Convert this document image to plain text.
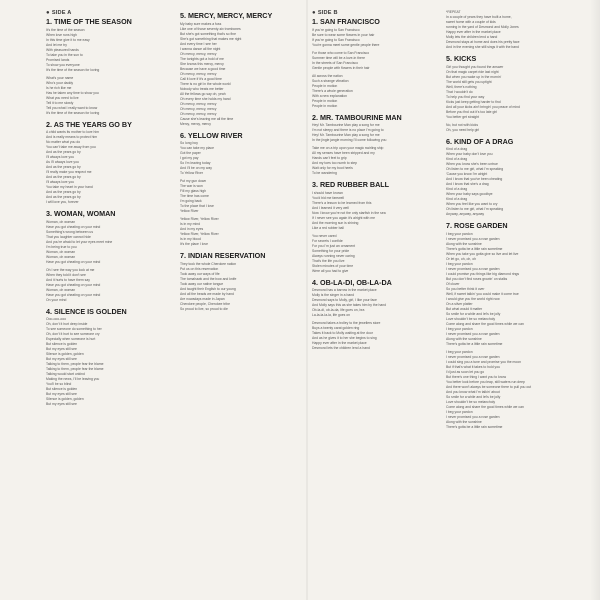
● SIDE A
1. TIME OF THE SEASON
It's the time of the season
When love runs high
In this time give it to me easy
And let me try
With pleasured hands
To take you in the sun to
Promised lands
To show you everyone
It's the time of the season for loving
What's your name
Who's your daddy
Is he rich like me
Has he taken any time to show you
What you need to live
Tell it to me slowly
Tell you what I really want to know
It's the time of the season for loving
2. AS THE YEARS GO BY
A child wants its mother to love him
And is really means to protect him
No matter what you do
You can't take me away from you
And as the years go by
I'll always love you
As I'll always love you
And as the years go by
I'll really make you respect me
And as the years go by
I'll always love you
You take my heart in your hand
And as the years go by
And as the years go by
I will love you, forever
3. WOMAN, WOMAN
Woman, oh woman
Have you got cheating on your mind
Something's wrong between us
That you laughter cannot hide
And you're afraid to let your eyes meet mine
I'm being true to you
Woman, oh woman
Woman, oh woman
Have you got cheating on your mind
Oh I see the way you look at me
When they told it don't see
And it hurts to have them say
Have you got cheating on your mind
Woman, oh woman
Have you got cheating on your mind
On your mind
4. SILENCE IS GOLDEN
Ooo-ooo-ooo
Oh, don't it hurt deep inside
To see someone do something to her
Oh, don't it hurt to see someone cry
Especially when someone is hurt
But silence is golden
But my eyes still see
Silence is golden, golden
But my eyes still see
Talking to them, people fear the blame
Talking to them, people fear the blame
Talking would start unkind
Making the news, I'll be leaving you
You'll be so blind
But silence is golden
But my eyes still see
Silence is golden, golden
But my eyes still see
5. MERCY, MERCY, MERCY
My baby sure makes a fuss
Like one of those seventy-six trombones
But she's got something that's so fine
She's got something that makes me right
And every time I see her
I wanna dance all the night
Oh mercy, mercy, mercy
The tonights got a hold of me
She knows this mercy, mercy
Because we have a good time
Oh mercy, mercy, mercy
Call it love if it's a good time
There is no girl in the whole world
Nobody who treats me better
All the fellows go say oh, yeah
Oh every time she holds my hand
Oh mercy, mercy, mercy
Oh mercy, mercy, mercy
Oh mercy, mercy, mercy
Cause she's leaving me all the time
Mercy, mercy, mercy
6. YELLOW RIVER
So long boy
You can take my place
Got the paper
I got my pay
So I'm leaving today
And I'll be on my way
To Yellow River
Put my gun down
The war is won
Fill my glass high
The time has come
I'm going back
To the place that I love
Yellow River
Yellow River, Yellow River
Is in my mind
And in my eyes
Yellow River, Yellow River
Is in my blood
It's the place I love
7. INDIAN RESERVATION
They took the whole Cherokee nation
Put us on this reservation
Took away our ways of life
The tomahawk and the bow and knife
Took away our native tongue
And taught their English to our young
And all the beads we made by hand
Are nowadays made in Japan
Cherokee people, Cherokee tribe
So proud to live, so proud to die
● SIDE B
1. SAN FRANCISCO
If you're going to San Francisco
Be sure to wear some flowers in your hair
If you're going to San Francisco
You're gonna meet some gentle people there
For those who come to San Francisco
Summer time will be a love-in there
In the streets of San Francisco
Gentle people with flowers in their hair
All across the nation
Such a strange vibration
People in motion
There's a whole generation
With a new explanation
People in motion
People in motion
2. MR. TAMBOURINE MAN
Hey! Mr. Tambourine Man play a song for me
I'm not sleepy and there is no place I'm going to
Hey! Mr. Tambourine Man play a song for me
In the jingle jangle morning I'll come following you
Take me on a trip upon your magic swirling ship
All my senses have been stripped and my
Hands can't feel to grip
And my toes too numb to step
Wait only for my boot heels
To be wandering
3. RED RUBBER BALL
I should have known
You'd bid me farewell
There's a lesson to be learned from this
And I learned it very well
Now I know you're not the only starfish in the sea
If I never see you again it's alright with me
And the morning sun is shining
Like a red rubber ball
You never cared
For secrets I confide
For you I'm just an ornament
Something for your pride
Always running never caring
That's the life you live
Stolen minutes of your time
Were all you had to give
4. OB-LA-DI, OB-LA-DA
Desmond has a barrow in the market place
Molly is the singer in a band
Desmond says to Molly, girl, I like your face
And Molly says this as she takes him by the hand
Ob-la-di, ob-la-da, life goes on, bra
La-la-la-la-la, life goes on
Desmond takes a trolley to the jewellers store
Buys a twenty carat golden ring
Takes it back to Molly waiting at the door
And as he gives it to her she begins to sing
Happy ever after in the market place
Desmond lets the children lend a hand
*REPEAT
In a couple of years they have built a home,
sweet home with a couple of kids
running in the yard of Desmond and Molly Jones
Happy ever after in the market place
Molly lets the children lend a hand
Desmond stays at home and does his pretty face
And in the evening she still sings it with the band
5. KICKS
Girl you thought you found the answer
On that magic carpet ride last night
But when you wake up in the mornin'
The world still gets you uptight
Well, there's nothing
That I wouldn't do
To help you find your way
Kicks just keep getting harder to find
And all your kicks ain't bringin' you peace of mind
Before you find out it's too late girl
You better get straight
No, but not with kicks
Oh, you need help girl
6. KIND OF A DRAG
Kind of a drag
When your baby don't love you
Kind of a drag
When you know she's been untrue
Oh listen to me girl, what I'm speaking
'Cause you know I'm alright
And I know that you've been cheating
And I know that she's a drag
Kind of a drag
When your baby says goodbye
Kind of a drag
When you feel like you want to cry
Oh listen to me girl, what I'm speaking
Anyway, anyway, anyway
7. ROSE GARDEN
I beg your pardon
I never promised you a rose garden
Along with the sunshine
There's gotta be a little rain sometime
When you take you gotta give so live and let live
Or let go, oh, oh, oh
I beg your pardon
I never promised you a rose garden
I could promise you things like big diamond rings
But you don't find roses growin' on stalks
Of clover
So you better think it over
Well, if sweet talkin' you could make it come true
I would give you the world right now
On a silver platter
But what would it matter
So smile for a while and let's be jolly
Love shouldn't be so melancholy
Come along and share the good times while we can
I beg your pardon
I never promised you a rose garden
Along with the sunshine
There's gotta be a little rain sometime
I beg your pardon
I never promised you a rose garden
I could sing you a tune and promise you the moon
But if that's what it takes to hold you
I'd just as soon let you go
But there's one thing I want you to know
You better look before you leap, still waters run deep
And there won't always be someone there to pull you out
And you know what I'm talkin' about
So smile for a while and let's be jolly
Love shouldn't be so melancholy
Come along and share the good times while we can
I beg your pardon
I never promised you a rose garden
Along with the sunshine
There's gotta be a little rain sometime
